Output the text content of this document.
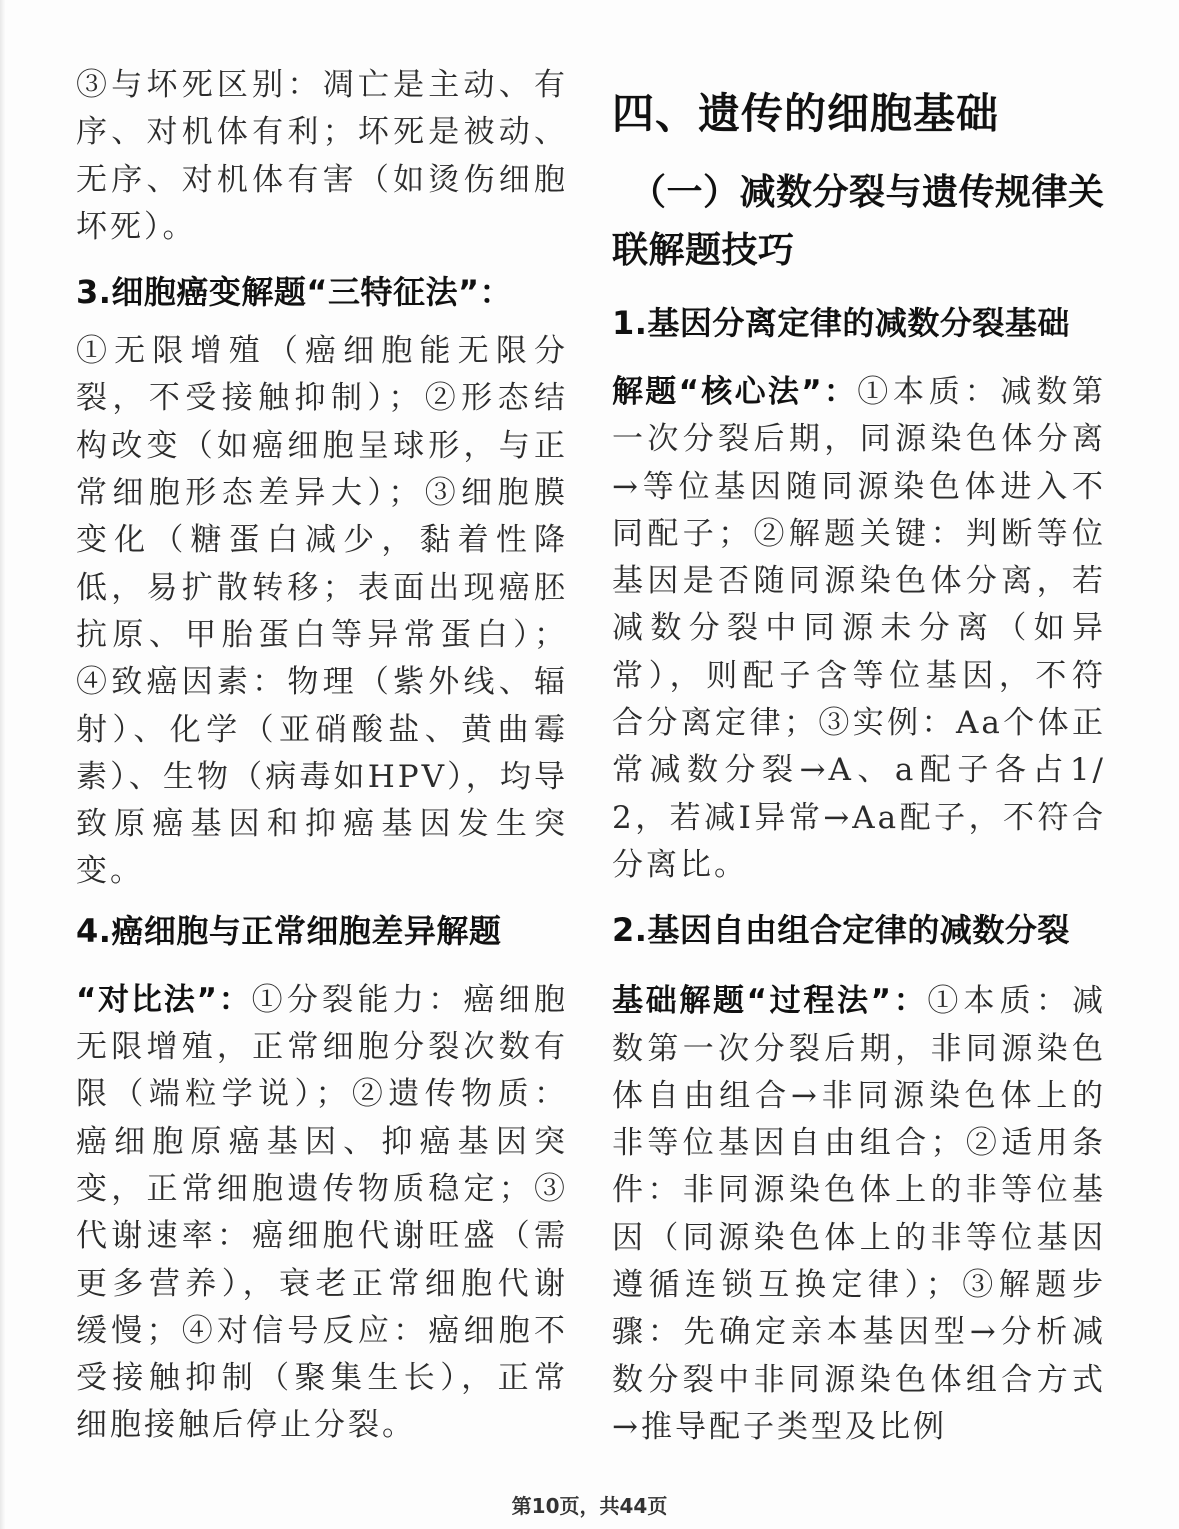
③与坏死区别：凋亡是主动、有序、对机体有利；坏死是被动、无序、对机体有害（如烫伤细胞坏死）。

3.细胞癌变解题“三特征法”：

①无限增殖（癌细胞能无限分裂，不受接触抑制）；②形态结构改变（如癌细胞呈球形，与正常细胞形态差异大）；③细胞膜变化（糖蛋白减少，黏着性降低，易扩散转移；表面出现癌胚抗原、甲胎蛋白等异常蛋白）；④致癌因素：物理（紫外线、辐射）、化学（亚硝酸盐、黄曲霉素）、生物（病毒如HPV），均导致原癌基因和抑癌基因发生突变。

4.癌细胞与正常细胞差异解题

“对比法”：①分裂能力：癌细胞无限增殖，正常细胞分裂次数有限（端粒学说）；②遗传物质：癌细胞原癌基因、抑癌基因突变，正常细胞遗传物质稳定；③代谢速率：癌细胞代谢旺盛（需更多营养），衰老正常细胞代谢缓慢；④对信号反应：癌细胞不受接触抑制（聚集生长），正常细胞接触后停止分裂。

四、遗传的细胞基础

（一）减数分裂与遗传规律关联解题技巧

1.基因分离定律的减数分裂基础

解题“核心法”：①本质：减数第一次分裂后期，同源染色体分离→等位基因随同源染色体进入不同配子；②解题关键：判断等位基因是否随同源染色体分离，若减数分裂中同源未分离（如异常），则配子含等位基因，不符合分离定律；③实例：Aa个体正常减数分裂→A、a配子各占1/2，若减Ⅰ异常→Aa配子，不符合分离比。

2.基因自由组合定律的减数分裂

基础解题“过程法”：①本质：减数第一次分裂后期，非同源染色体自由组合→非同源染色体上的非等位基因自由组合；②适用条件：非同源染色体上的非等位基因（同源染色体上的非等位基因遵循连锁互换定律）；③解题步骤：先确定亲本基因型→分析减数分裂中非同源染色体组合方式→推导配子类型及比例

第10页，共44页
